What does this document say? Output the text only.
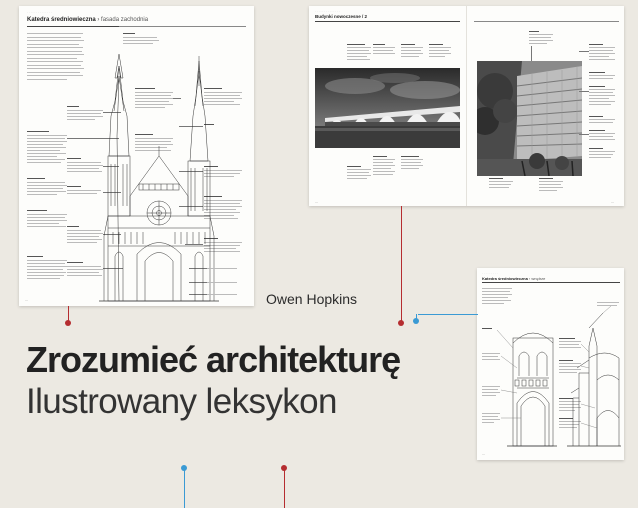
· · · · · · · · · · · · · ·
Katedra średniowieczna › fasada zachodnia
—
· · · · · · · · · · · · · ·
Budynki nowoczesne / 2
—	—
· · · · · · · · ·
Katedra średniowieczna › wnętrze
—
Owen Hopkins
Zrozumieć architekturę
Ilustrowany leksykon
